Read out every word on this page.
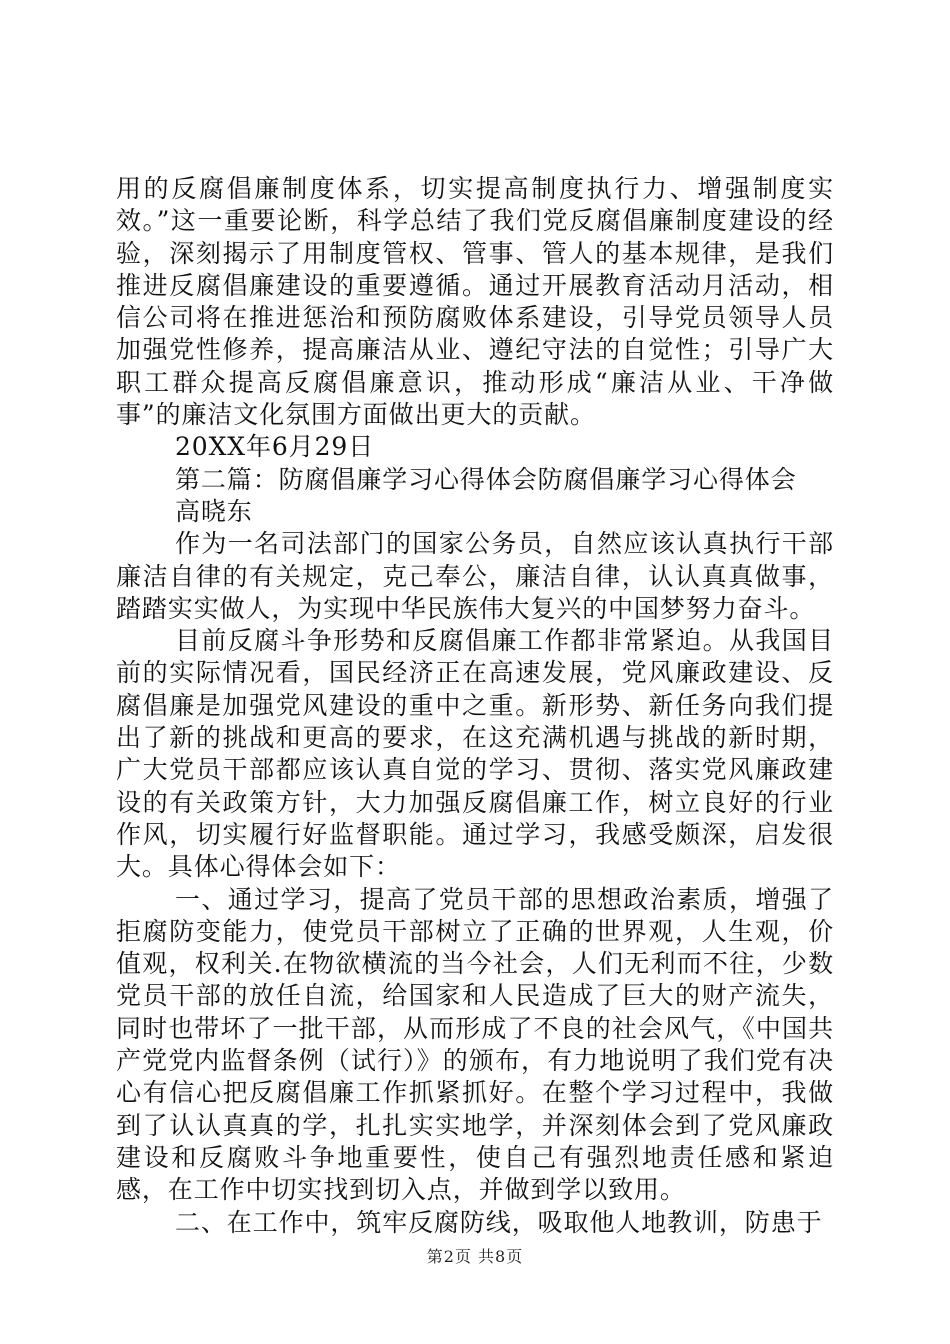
用的反腐倡廉制度体系，切实提高制度执行力、增强制度实效。”这一重要论断，科学总结了我们党反腐倡廉制度建设的经验，深刻揭示了用制度管权、管事、管人的基本规律，是我们推进反腐倡廉建设的重要遵循。通过开展教育活动月活动，相信公司将在推进惩治和预防腐败体系建设，引导党员领导人员加强党性修养，提高廉洁从业、遵纪守法的自觉性；引导广大职工群众提高反腐倡廉意识，推动形成“廉洁从业、干净做事”的廉洁文化氛围方面做出更大的贡献。

20XX年6月29日

第二篇：防腐倡廉学习心得体会防腐倡廉学习心得体会

高晓东

作为一名司法部门的国家公务员，自然应该认真执行干部廉洁自律的有关规定，克己奉公，廉洁自律，认认真真做事，踏踏实实做人，为实现中华民族伟大复兴的中国梦努力奋斗。

目前反腐斗争形势和反腐倡廉工作都非常紧迫。从我国目前的实际情况看，国民经济正在高速发展，党风廉政建设、反腐倡廉是加强党风建设的重中之重。新形势、新任务向我们提出了新的挑战和更高的要求，在这充满机遇与挑战的新时期，广大党员干部都应该认真自觉的学习、贯彻、落实党风廉政建设的有关政策方针，大力加强反腐倡廉工作，树立良好的行业作风，切实履行好监督职能。通过学习，我感受颇深，启发很大。具体心得体会如下：

一、通过学习，提高了党员干部的思想政治素质，增强了拒腐防变能力，使党员干部树立了正确的世界观，人生观，价值观，权利关.在物欲横流的当今社会，人们无利而不往，少数党员干部的放任自流，给国家和人民造成了巨大的财产流失，同时也带坏了一批干部，从而形成了不良的社会风气，《中国共产党党内监督条例（试行）》的颁布，有力地说明了我们党有决心有信心把反腐倡廉工作抓紧抓好。在整个学习过程中，我做到了认认真真的学，扎扎实实地学，并深刻体会到了党风廉政建设和反腐败斗争地重要性，使自己有强烈地责任感和紧迫感，在工作中切实找到切入点，并做到学以致用。

二、在工作中，筑牢反腐防线，吸取他人地教训，防患于

第2页 共8页
